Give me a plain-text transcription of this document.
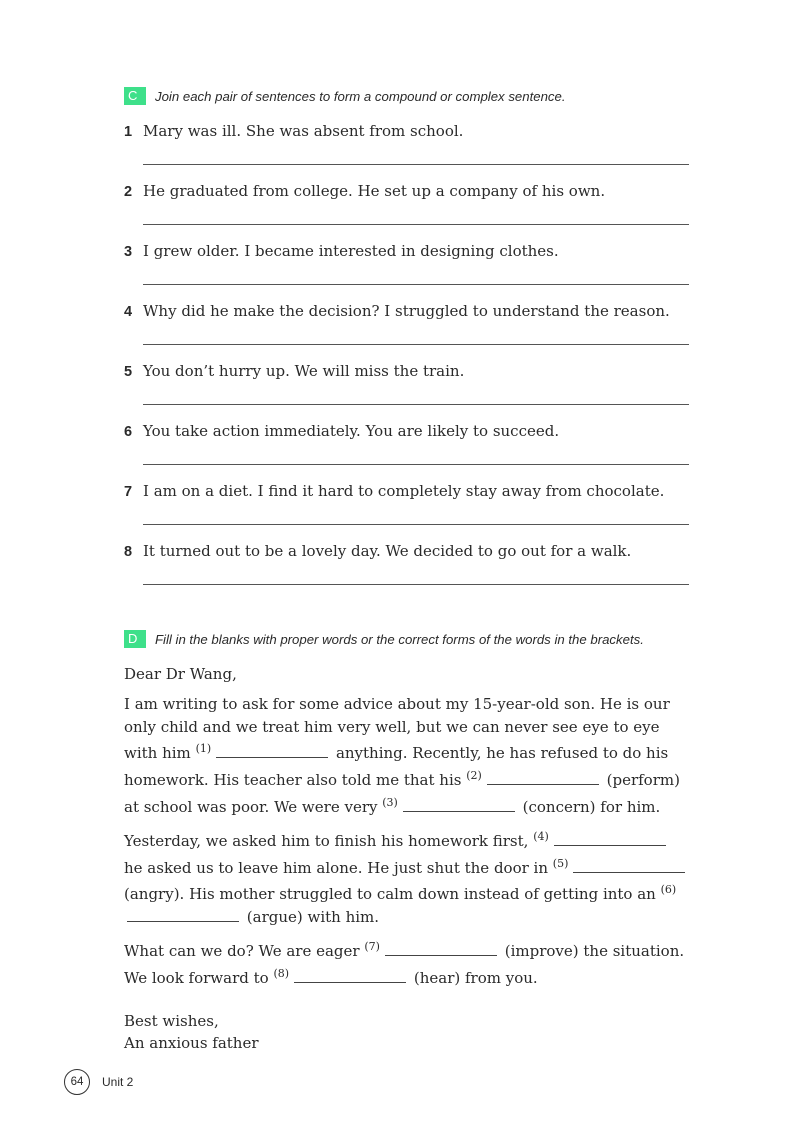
C	Join each pair of sentences to form a compound or complex sentence.
1 Mary was ill. She was absent from school.
2 He graduated from college. He set up a company of his own.
3 I grew older. I became interested in designing clothes.
4 Why did he make the decision? I struggled to understand the reason.
5 You don’t hurry up. We will miss the train.
6 You take action immediately. You are likely to succeed.
7 I am on a diet. I find it hard to completely stay away from chocolate.
8 It turned out to be a lovely day. We decided to go out for a walk.
D	Fill in the blanks with proper words or the correct forms of the words in the brackets.

Dear Dr Wang,

I am writing to ask for some advice about my 15-year-old son. He is our only child and we treat him very well, but we can never see eye to eye with him $^{(1)}$	anything. Recently, he has refused to do his homework. His teacher also told me that his $^{(2)}$	(perform) at school was poor. We were very $^{(3)}$	(concern) for him.

Yesterday, we asked him to finish his homework first, $^{(4)}$ he asked us to leave him alone. He just shut the door in $^{(5)}$ (angry). His mother struggled to calm down instead of getting into an $^{(6)}$ (argue) with him.

What can we do? We are eager $^{(7)}$	(improve) the situation. We look forward to $^{(8)}$	(hear) from you.

Best wishes,

An anxious father

64	Unit 2
